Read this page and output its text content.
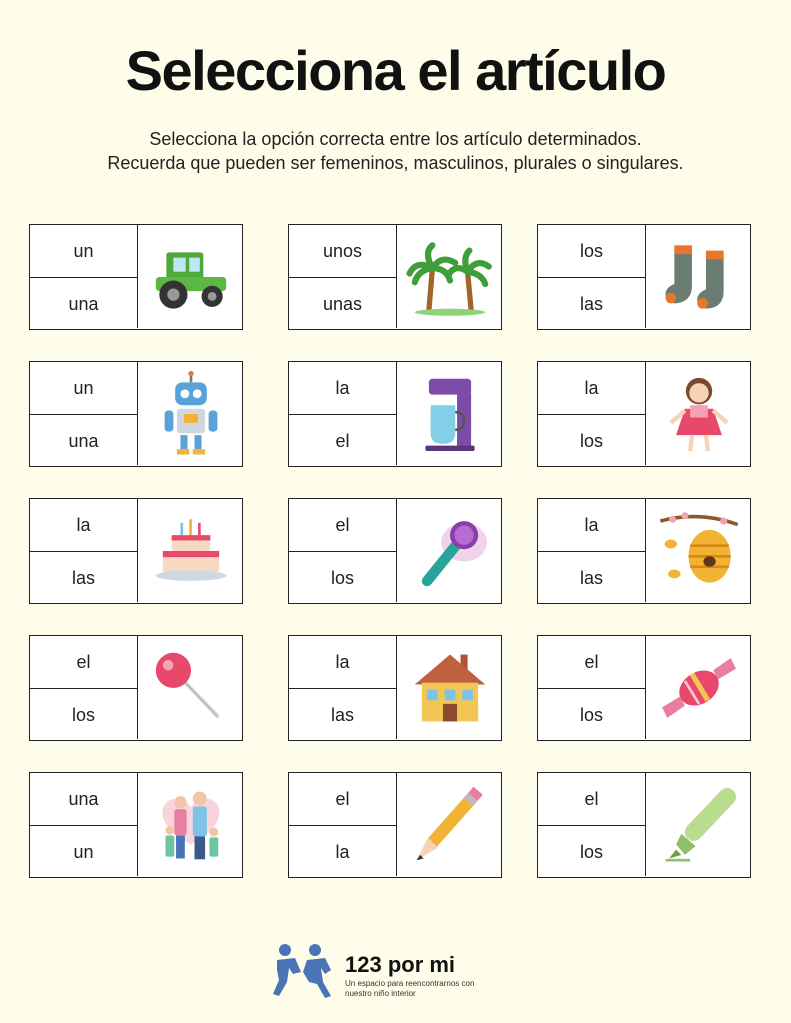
Selecciona el artículo
Selecciona la opción correcta entre los artículo determinados.
Recuerda que pueden ser femeninos, masculinos, plurales o singulares.
un
una
unos
unas
los
las
un
una
la
el
la
los
la
las
el
los
la
las
el
los
la
las
el
los
una
un
el
la
el
los
123 por mi
Un espacio para reencontrarnos con
nuestro niño interior
